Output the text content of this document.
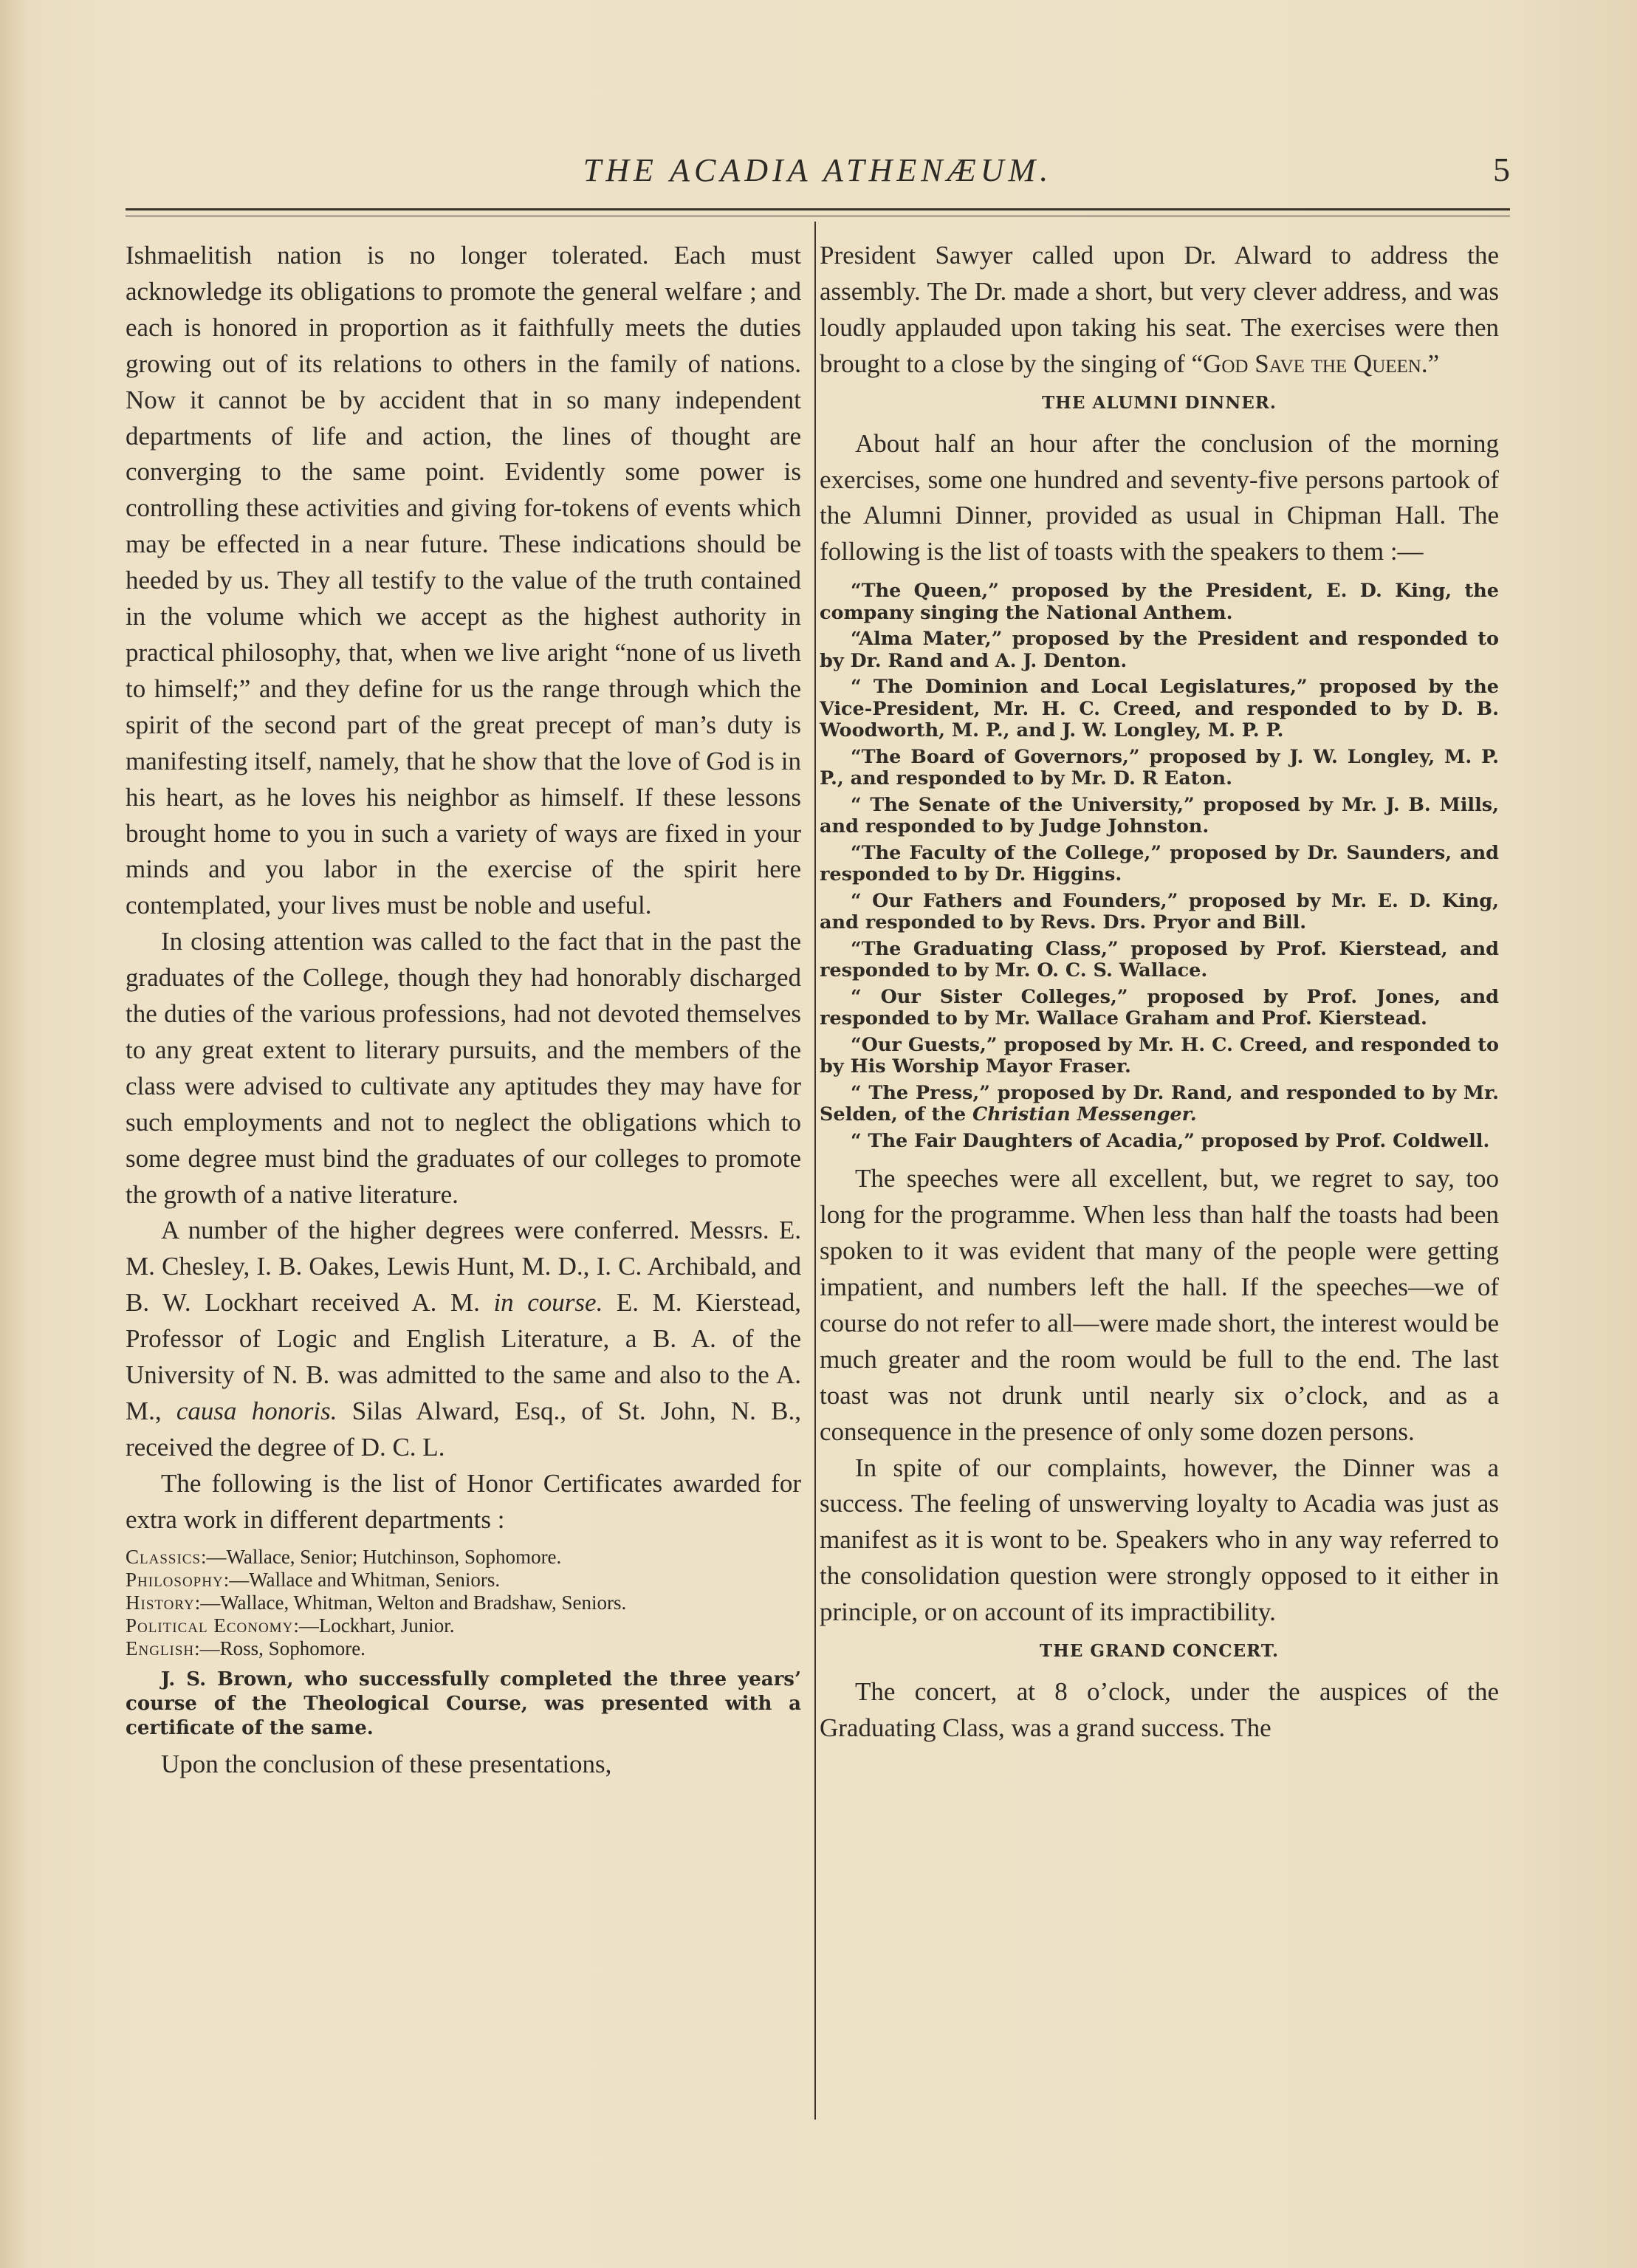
THE ACADIA ATHENÆUM.	5

Ishmaelitish nation is no longer tolerated. Each must acknowledge its obligations to promote the general welfare ; and each is honored in proportion as it faithfully meets the duties growing out of its relations to others in the family of nations. Now it cannot be by accident that in so many independent departments of life and action, the lines of thought are converging to the same point. Evidently some power is controlling these activities and giving for-tokens of events which may be effected in a near future. These indications should be heeded by us. They all testify to the value of the truth contained in the volume which we accept as the highest authority in practical philosophy, that, when we live aright “none of us liveth to himself;” and they define for us the range through which the spirit of the second part of the great precept of man’s duty is manifesting itself, namely, that he show that the love of God is in his heart, as he loves his neighbor as himself. If these lessons brought home to you in such a variety of ways are fixed in your minds and you labor in the exercise of the spirit here contemplated, your lives must be noble and useful.

In closing attention was called to the fact that in the past the graduates of the College, though they had honorably discharged the duties of the various professions, had not devoted themselves to any great extent to literary pursuits, and the members of the class were advised to cultivate any aptitudes they may have for such employments and not to neglect the obligations which to some degree must bind the graduates of our colleges to promote the growth of a native literature.

A number of the higher degrees were conferred. Messrs. E. M. Chesley, I. B. Oakes, Lewis Hunt, M. D., I. C. Archibald, and B. W. Lockhart received A. M. in course. E. M. Kierstead, Professor of Logic and English Literature, a B. A. of the University of N. B. was admitted to the same and also to the A. M., causa honoris. Silas Alward, Esq., of St. John, N. B., received the degree of D. C. L.

The following is the list of Honor Certificates awarded for extra work in different departments :

Classics:—Wallace, Senior; Hutchinson, Sophomore.

Philosophy:—Wallace and Whitman, Seniors.

History:—Wallace, Whitman, Welton and Bradshaw, Seniors.

Political Economy:—Lockhart, Junior.

English:—Ross, Sophomore.

J. S. Brown, who successfully completed the three years’ course of the Theological Course, was presented with a certificate of the same.

Upon the conclusion of these presentations,

President Sawyer called upon Dr. Alward to address the assembly. The Dr. made a short, but very clever address, and was loudly applauded upon taking his seat. The exercises were then brought to a close by the singing of “God Save the Queen.”

THE ALUMNI DINNER.

About half an hour after the conclusion of the morning exercises, some one hundred and seventy-five persons partook of the Alumni Dinner, provided as usual in Chipman Hall. The following is the list of toasts with the speakers to them :—

“The Queen,” proposed by the President, E. D. King, the company singing the National Anthem.

“Alma Mater,” proposed by the President and responded to by Dr. Rand and A. J. Denton.

“ The Dominion and Local Legislatures,” proposed by the Vice-President, Mr. H. C. Creed, and responded to by D. B. Woodworth, M. P., and J. W. Longley, M. P. P.

“The Board of Governors,” proposed by J. W. Longley, M. P. P., and responded to by Mr. D. R Eaton.

“ The Senate of the University,” proposed by Mr. J. B. Mills, and responded to by Judge Johnston.

“The Faculty of the College,” proposed by Dr. Saunders, and responded to by Dr. Higgins.

“ Our Fathers and Founders,” proposed by Mr. E. D. King, and responded to by Revs. Drs. Pryor and Bill.

“The Graduating Class,” proposed by Prof. Kierstead, and responded to by Mr. O. C. S. Wallace.

“ Our Sister Colleges,” proposed by Prof. Jones, and responded to by Mr. Wallace Graham and Prof. Kierstead.

“Our Guests,” proposed by Mr. H. C. Creed, and responded to by His Worship Mayor Fraser.

“ The Press,” proposed by Dr. Rand, and responded to by Mr. Selden, of the Christian Messenger.

“ The Fair Daughters of Acadia,” proposed by Prof. Coldwell.

The speeches were all excellent, but, we regret to say, too long for the programme. When less than half the toasts had been spoken to it was evident that many of the people were getting impatient, and numbers left the hall. If the speeches—we of course do not refer to all—were made short, the interest would be much greater and the room would be full to the end. The last toast was not drunk until nearly six o’clock, and as a consequence in the presence of only some dozen persons.

In spite of our complaints, however, the Dinner was a success. The feeling of unswerving loyalty to Acadia was just as manifest as it is wont to be. Speakers who in any way referred to the consolidation question were strongly opposed to it either in principle, or on account of its impractibility.

THE GRAND CONCERT.

The concert, at 8 o’clock, under the auspices of the Graduating Class, was a grand success. The
